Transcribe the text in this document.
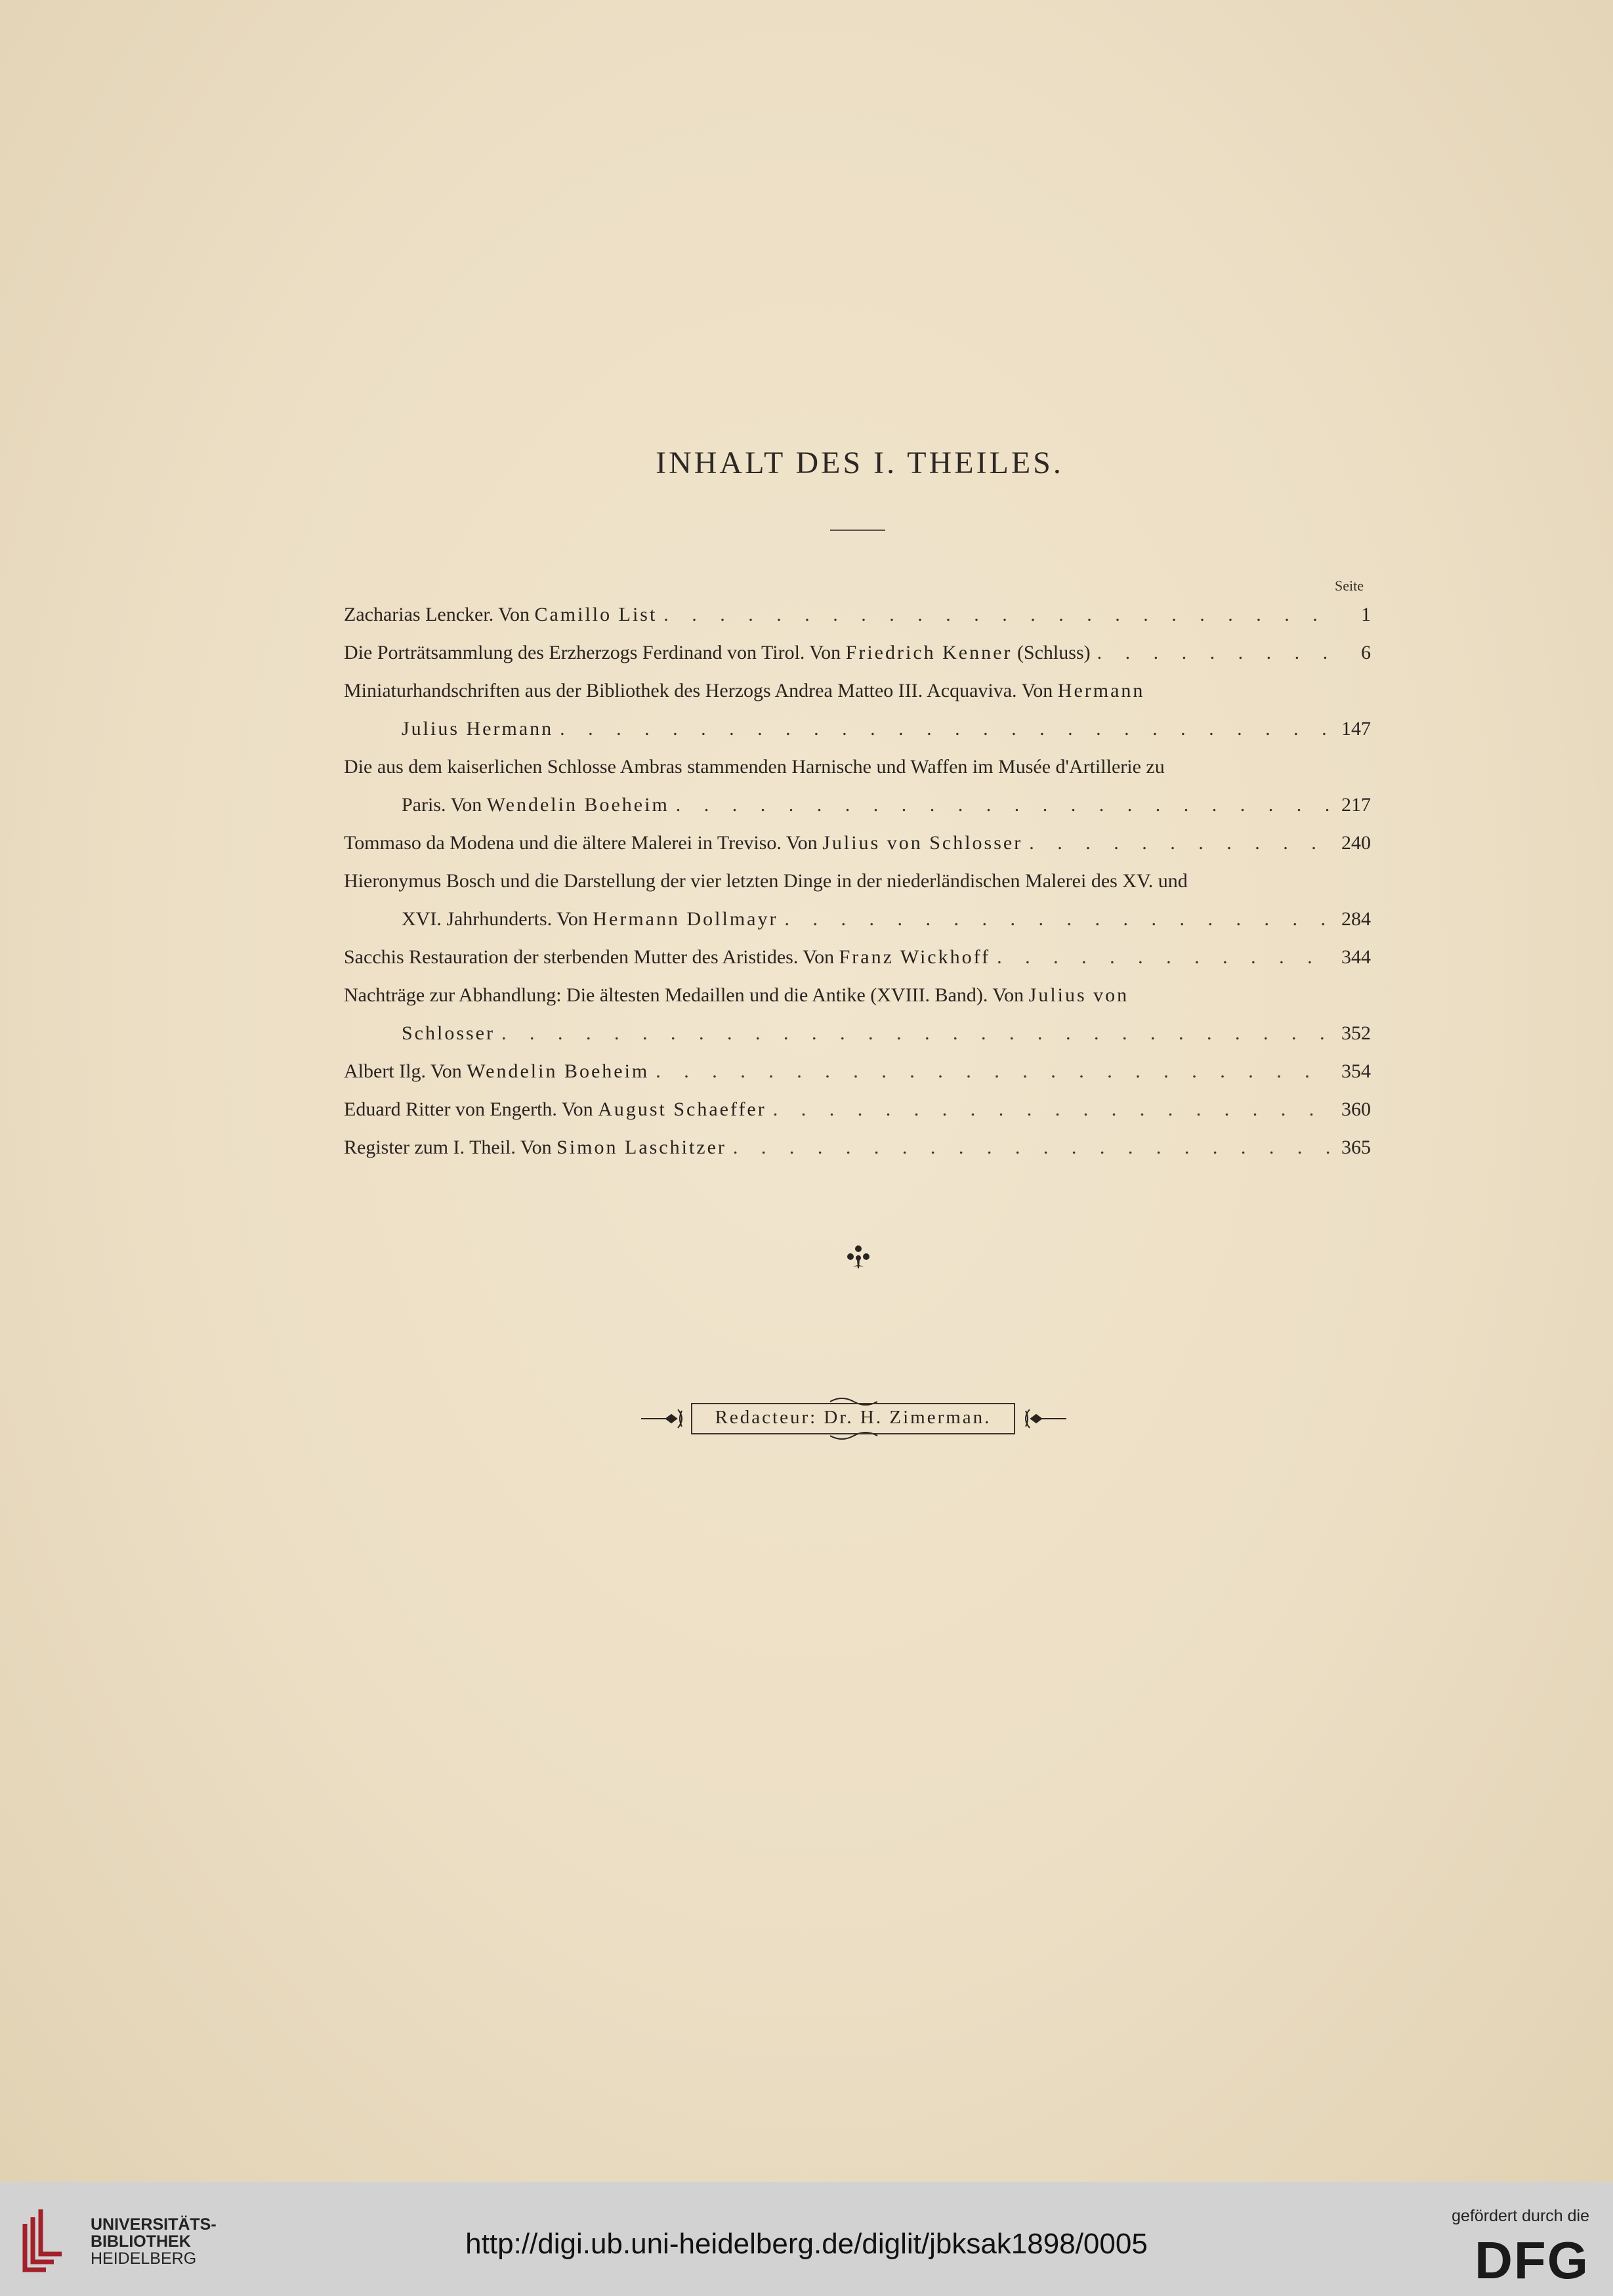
INHALT DES I. THEILES.
Seite
Zacharias Lencker. Von Camillo List . . .	1
Die Porträtsammlung des Erzherzogs Ferdinand von Tirol. Von Friedrich Kenner (Schluss) . . .	6
Miniaturhandschriften aus der Bibliothek des Herzogs Andrea Matteo III. Acquaviva. Von Hermann
Julius Hermann . . .	147
Die aus dem kaiserlichen Schlosse Ambras stammenden Harnische und Waffen im Musée d'Artillerie zu
Paris. Von Wendelin Boeheim . . .	217
Tommaso da Modena und die ältere Malerei in Treviso. Von Julius von Schlosser . . .	240
Hieronymus Bosch und die Darstellung der vier letzten Dinge in der niederländischen Malerei des XV. und
XVI. Jahrhunderts. Von Hermann Dollmayr . . .	284
Sacchis Restauration der sterbenden Mutter des Aristides. Von Franz Wickhoff . . .	344
Nachträge zur Abhandlung: Die ältesten Medaillen und die Antike (XVIII. Band). Von Julius von
Schlosser . . .	352
Albert Ilg. Von Wendelin Boeheim . . .	354
Eduard Ritter von Engerth. Von August Schaeffer . . .	360
Register zum I. Theil. Von Simon Laschitzer . . .	365
Redacteur: Dr. H. Zimerman.
UNIVERSITÄTS-
BIBLIOTHEK
HEIDELBERG	http://digi.ub.uni-heidelberg.de/diglit/jbksak1898/0005
gefördert durch die
DFG
